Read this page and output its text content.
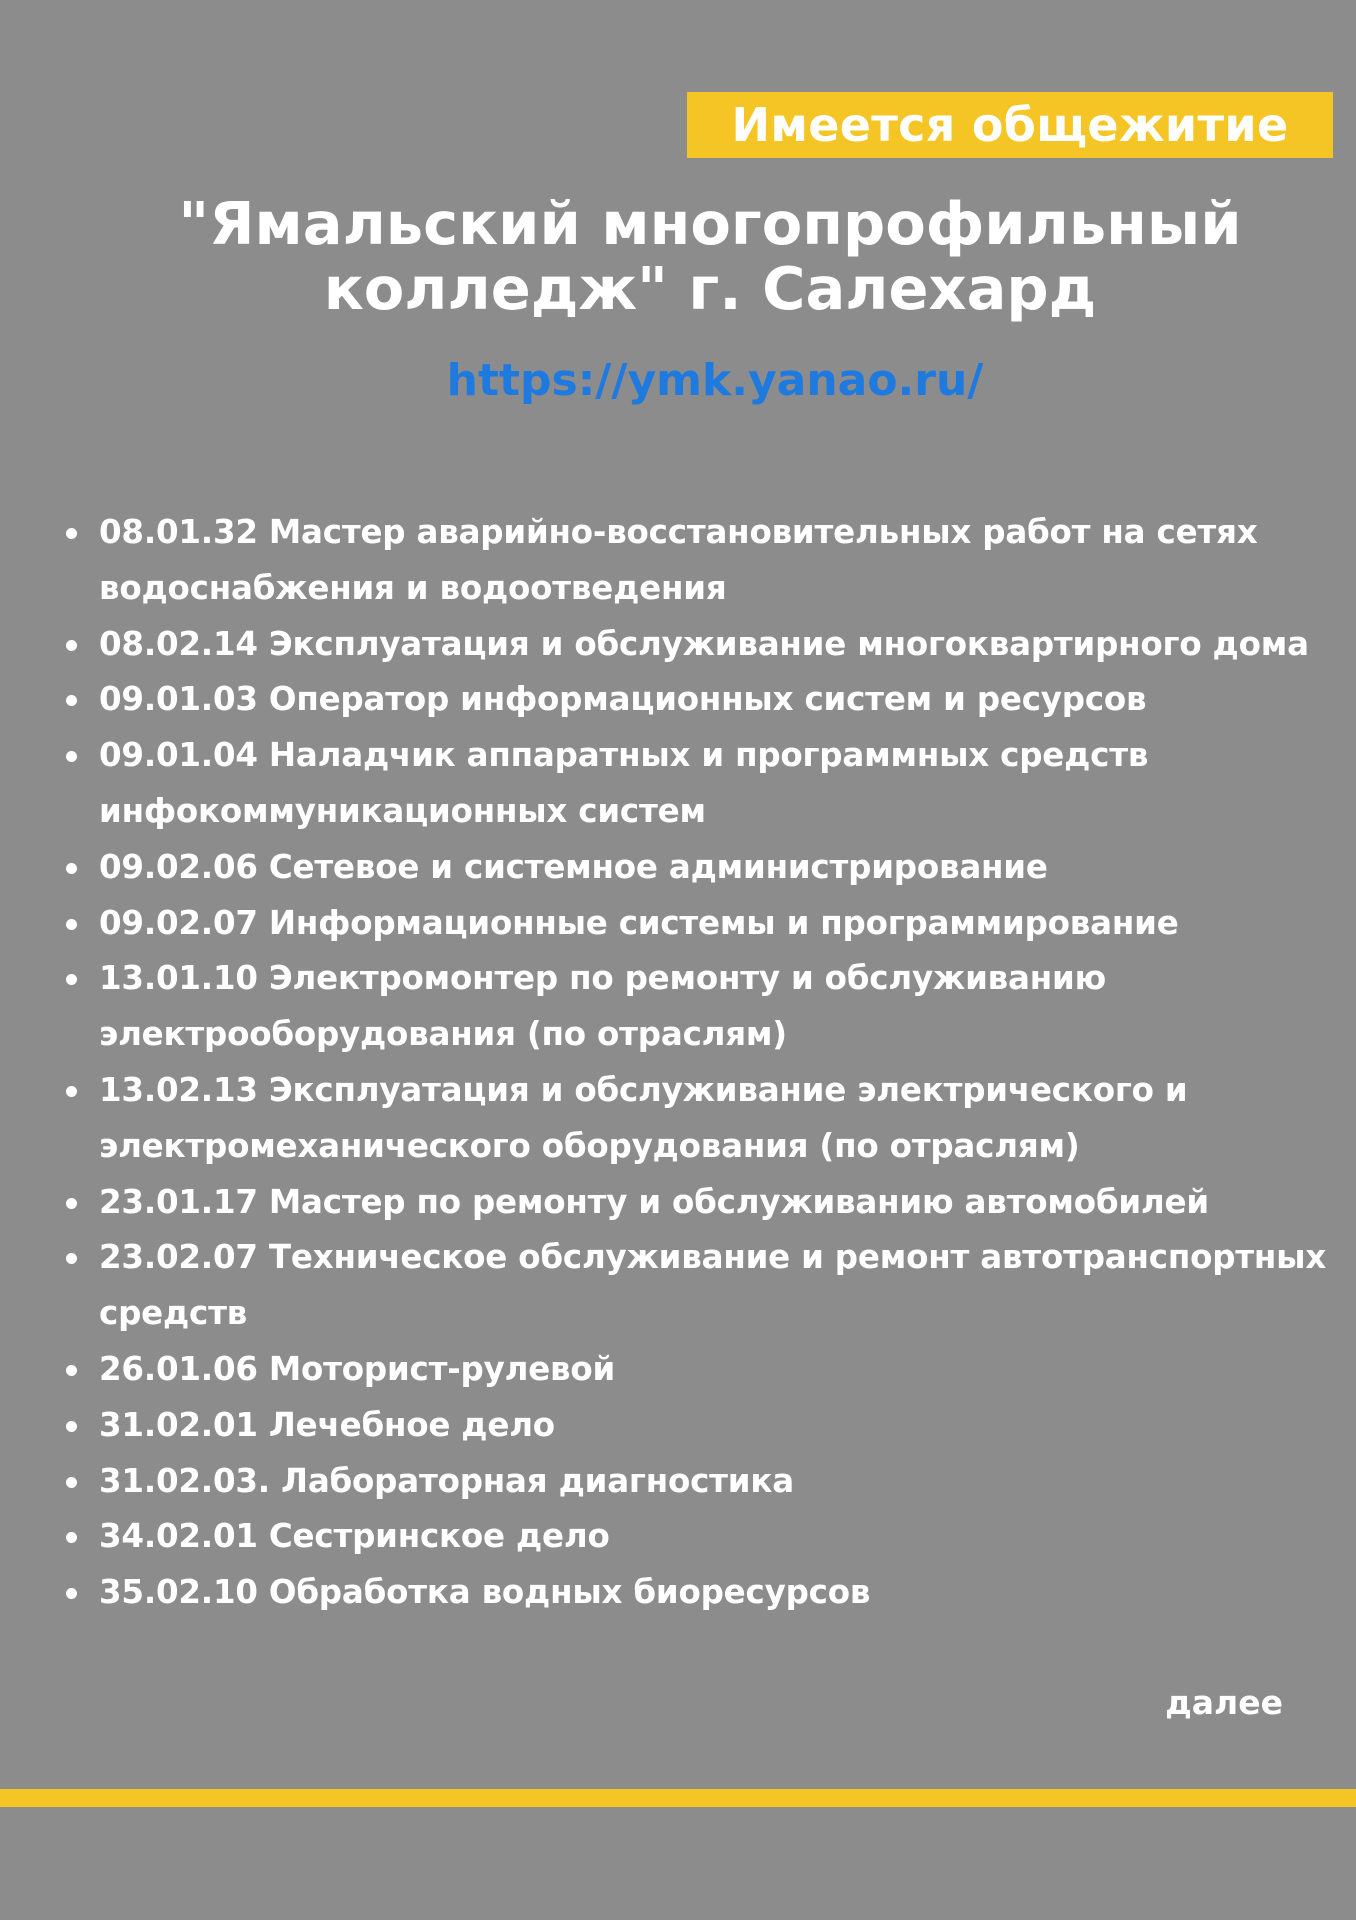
Имеется общежитие
"Ямальский многопрофильный
колледж" г. Салехард
https://ymk.yanao.ru/
08.01.32 Мастер аварийно-восстановительных работ на сетях водоснабжения и водоотведения
08.02.14 Эксплуатация и обслуживание многоквартирного дома
09.01.03 Оператор информационных систем и ресурсов
09.01.04 Наладчик аппаратных и программных средств инфокоммуникационных систем
09.02.06 Сетевое и системное администрирование
09.02.07 Информационные системы и программирование
13.01.10 Электромонтер по ремонту и обслуживанию электрооборудования (по отраслям)
13.02.13 Эксплуатация и обслуживание электрического и электромеханического оборудования (по отраслям)
23.01.17 Мастер по ремонту и обслуживанию автомобилей
23.02.07 Техническое обслуживание и ремонт автотранспортных средств
26.01.06 Моторист-рулевой
31.02.01 Лечебное дело
31.02.03. Лабораторная диагностика
34.02.01 Сестринское дело
35.02.10 Обработка водных биоресурсов
далее
